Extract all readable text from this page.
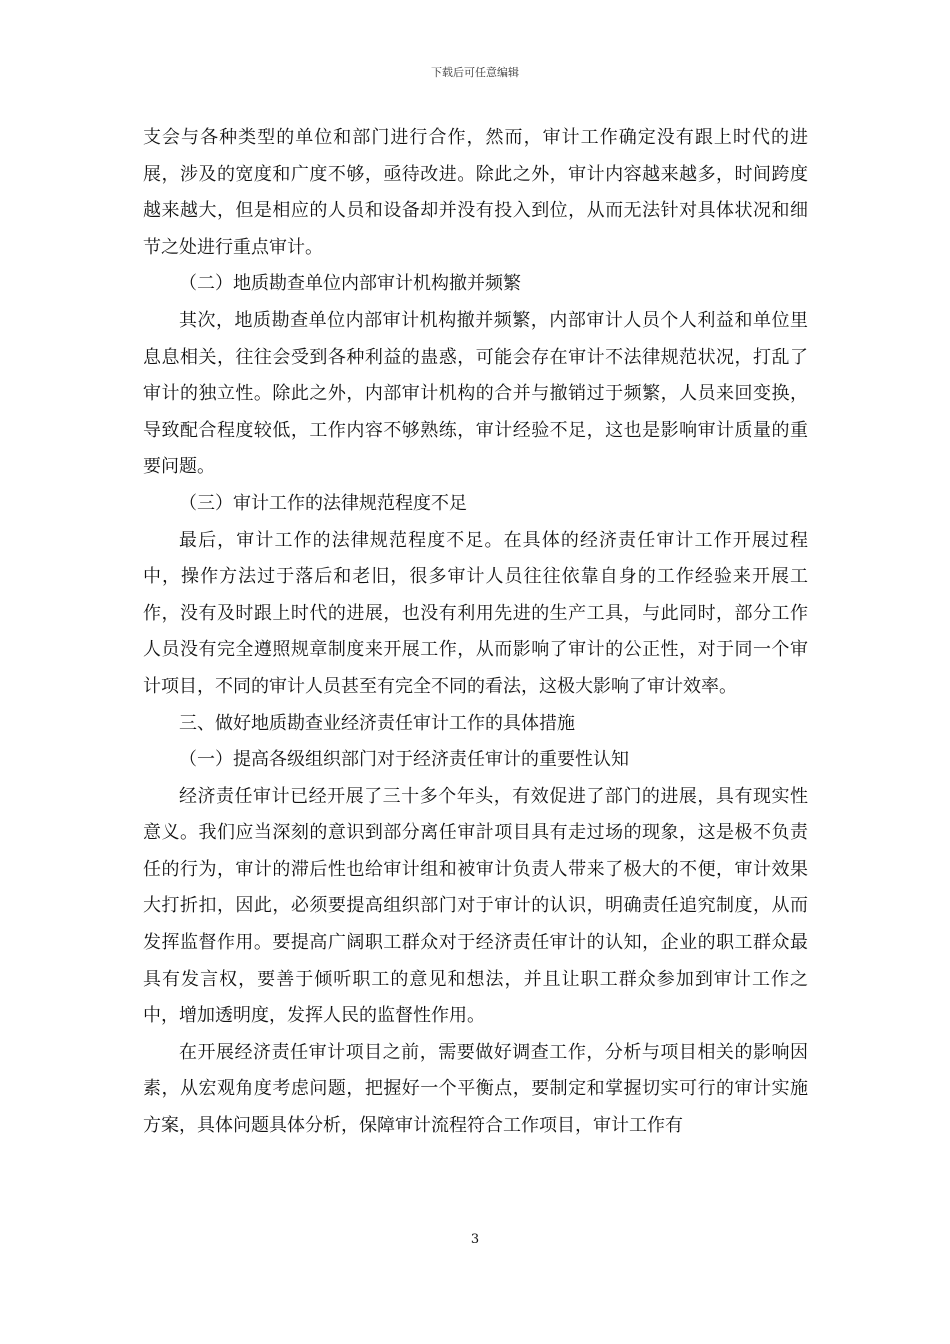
下载后可任意编辑

支会与各种类型的单位和部门进行合作，然而，审计工作确定没有跟上时代的进展，涉及的宽度和广度不够，亟待改进。除此之外，审计内容越来越多，时间跨度越来越大，但是相应的人员和设备却并没有投入到位，从而无法针对具体状况和细节之处进行重点审计。

（二）地质勘查单位内部审计机构撤并频繁

其次，地质勘查单位内部审计机构撤并频繁，内部审计人员个人利益和单位里息息相关，往往会受到各种利益的蛊惑，可能会存在审计不法律规范状况，打乱了审计的独立性。除此之外，内部审计机构的合并与撤销过于频繁，人员来回变换，导致配合程度较低，工作内容不够熟练，审计经验不足，这也是影响审计质量的重要问题。

（三）审计工作的法律规范程度不足

最后，审计工作的法律规范程度不足。在具体的经济责任审计工作开展过程中，操作方法过于落后和老旧，很多审计人员往往依靠自身的工作经验来开展工作，没有及时跟上时代的进展，也没有利用先进的生产工具，与此同时，部分工作人员没有完全遵照规章制度来开展工作，从而影响了审计的公正性，对于同一个审计项目，不同的审计人员甚至有完全不同的看法，这极大影响了审计效率。

三、做好地质勘查业经济责任审计工作的具体措施

（一）提高各级组织部门对于经济责任审计的重要性认知

经济责任审计已经开展了三十多个年头，有效促进了部门的进展，具有现实性意义。我们应当深刻的意识到部分离任审計项目具有走过场的现象，这是极不负责任的行为，审计的滞后性也给审计组和被审计负责人带来了极大的不便，审计效果大打折扣，因此，必须要提高组织部门对于审计的认识，明确责任追究制度，从而发挥监督作用。要提高广阔职工群众对于经济责任审计的认知，企业的职工群众最具有发言权，要善于倾听职工的意见和想法，并且让职工群众参加到审计工作之中，增加透明度，发挥人民的监督性作用。

在开展经济责任审计项目之前，需要做好调查工作，分析与项目相关的影响因素，从宏观角度考虑问题，把握好一个平衡点，要制定和掌握切实可行的审计实施方案，具体问题具体分析，保障审计流程符合工作项目，审计工作有

3
